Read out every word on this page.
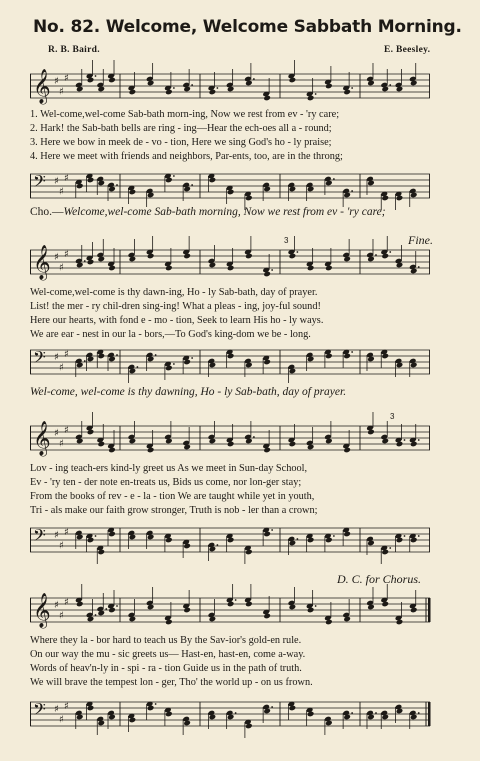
No. 82. Welcome, Welcome Sabbath Morning.
R. B. Baird.	E. Beesley.
𝄞 ♯
♯
♯
1. Wel-come,wel-come Sab-bath morn-ing, Now we rest from ev - 'ry care;
2. Hark! the Sab-bath bells are ring - ing—Hear the ech-oes all a - round;
3. Here we bow in meek de - vo - tion, Here we sing God's ho - ly praise;
4. Here we meet with friends and neighbors, Par-ents, too, are in the throng;
𝄢 ♯
♯
♯
Cho.—Welcome,wel-come Sab-bath morning, Now we rest from ev - 'ry care;
Fine.
𝄞 ♯
♯
♯
3
Wel-come,wel-come is thy dawn-ing, Ho - ly Sab-bath, day of prayer.
List! the mer - ry chil-dren sing-ing! What a pleas - ing, joy-ful sound!
Here our hearts, with fond e - mo - tion, Seek to learn His ho - ly ways.
We are ear - nest in our la - bors,—To God's king-dom we be - long.
𝄢 ♯
♯
♯
Wel-come, wel-come is thy dawning, Ho - ly Sab-bath, day of prayer.
𝄞 ♯
♯
♯
3
Lov - ing teach-ers kind-ly greet us As we meet in Sun-day School,
Ev - 'ry ten - der note en-treats us, Bids us come, nor lon-ger stay;
From the books of rev - e - la - tion We are taught while yet in youth,
Tri - als make our faith grow stronger, Truth is nob - ler than a crown;
𝄢 ♯
♯
♯
D. C. for Chorus.
𝄞 ♯
♯
♯
Where they la - bor hard to teach us By the Sav-ior's gold-en rule.
On our way the mu - sic greets us— Hast-en, hast-en, come a-way.
Words of heav'n-ly in - spi - ra - tion Guide us in the path of truth.
We will brave the tempest lon - ger, Tho' the world up - on us frown.
𝄢 ♯
♯
♯
